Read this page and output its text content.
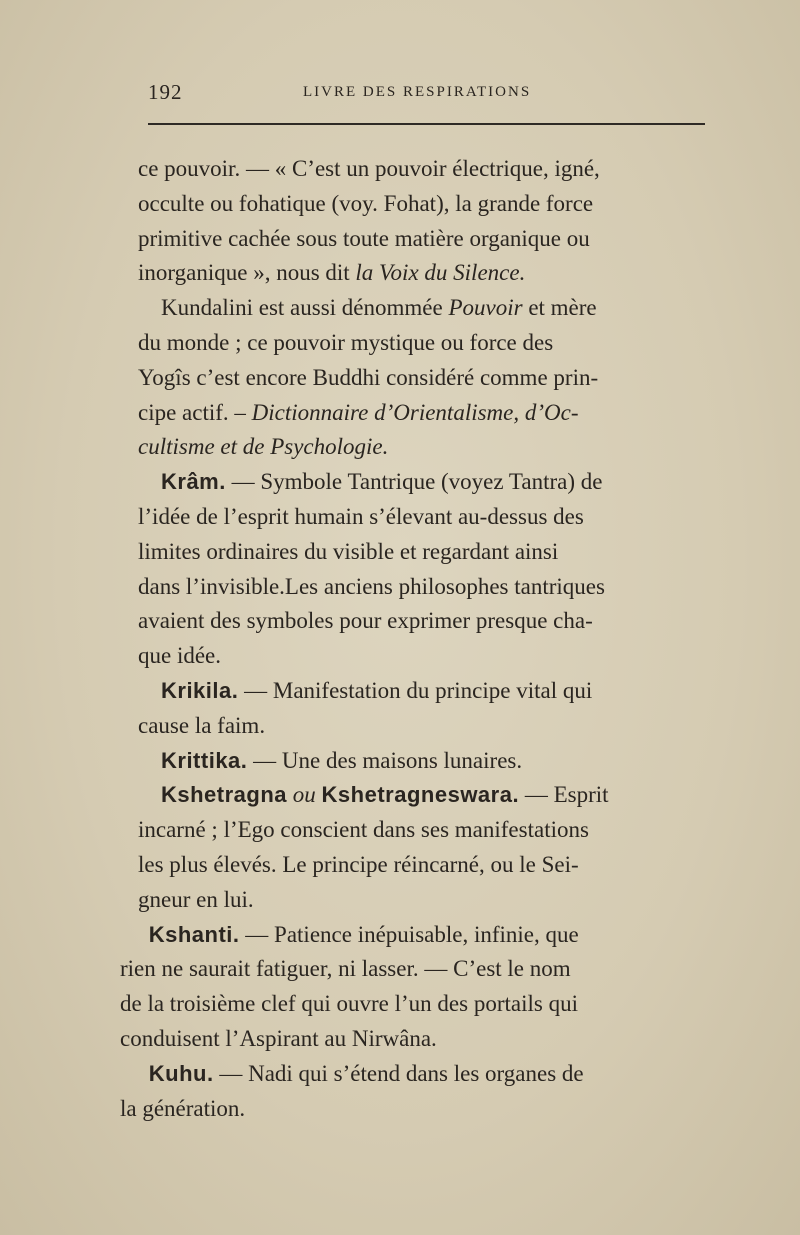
192	LIVRE DES RESPIRATIONS
ce pouvoir. — « C’est un pouvoir électrique, igné,
occulte ou fohatique (voy. Fohat), la grande force
primitive cachée sous toute matière organique ou
inorganique », nous dit la Voix du Silence.
Kundalini est aussi dénommée Pouvoir et mère
du monde ; ce pouvoir mystique ou force des
Yogîs c’est encore Buddhi considéré comme prin-
cipe actif. – Dictionnaire d’Orientalisme, d’Oc-
cultisme et de Psychologie.
Krâm. — Symbole Tantrique (voyez Tantra) de
l’idée de l’esprit humain s’élevant au-dessus des
limites ordinaires du visible et regardant ainsi
dans l’invisible.Les anciens philosophes tantriques
avaient des symboles pour exprimer presque cha-
que idée.
Krikila. — Manifestation du principe vital qui
cause la faim.
Krittika. — Une des maisons lunaires.
Kshetragna ou Kshetragneswara. — Esprit
incarné ; l’Ego conscient dans ses manifestations
les plus élevés. Le principe réincarné, ou le Sei-
gneur en lui.
Kshanti. — Patience inépuisable, infinie, que
rien ne saurait fatiguer, ni lasser. — C’est le nom
de la troisième clef qui ouvre l’un des portails qui
conduisent l’Aspirant au Nirwâna.
Kuhu. — Nadi qui s’étend dans les organes de
la génération.
